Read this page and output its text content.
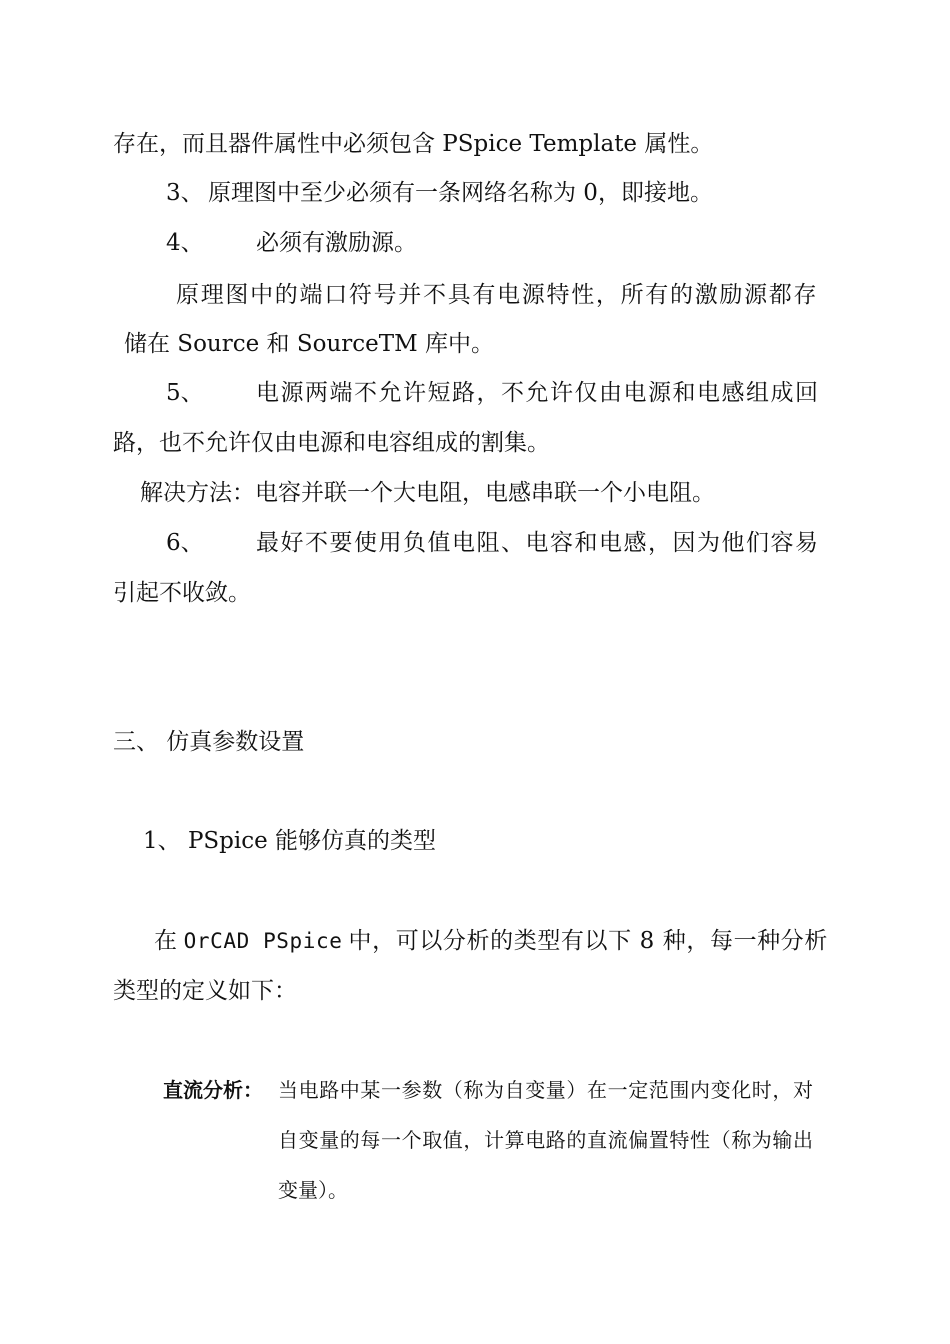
存在，而且器件属性中必须包含 PSpice Template 属性。
3、 原理图中至少必须有一条网络名称为 0，即接地。
4、 必须有激励源。
原理图中的端口符号并不具有电源特性，所有的激励源都存
储在 Source 和 SourceTM 库中。
5、 电源两端不允许短路，不允许仅由电源和电感组成回
路，也不允许仅由电源和电容组成的割集。
解决方法：电容并联一个大电阻，电感串联一个小电阻。
6、 最好不要使用负值电阻、电容和电感，因为他们容易
引起不收敛。
三、 仿真参数设置
1、 PSpice 能够仿真的类型
在 OrCAD PSpice 中，可以分析的类型有以下 8 种，每一种分析
类型的定义如下：
直流分析： 当电路中某一参数（称为自变量）在一定范围内变化时，对
自变量的每一个取值，计算电路的直流偏置特性（称为输出
变量）。
